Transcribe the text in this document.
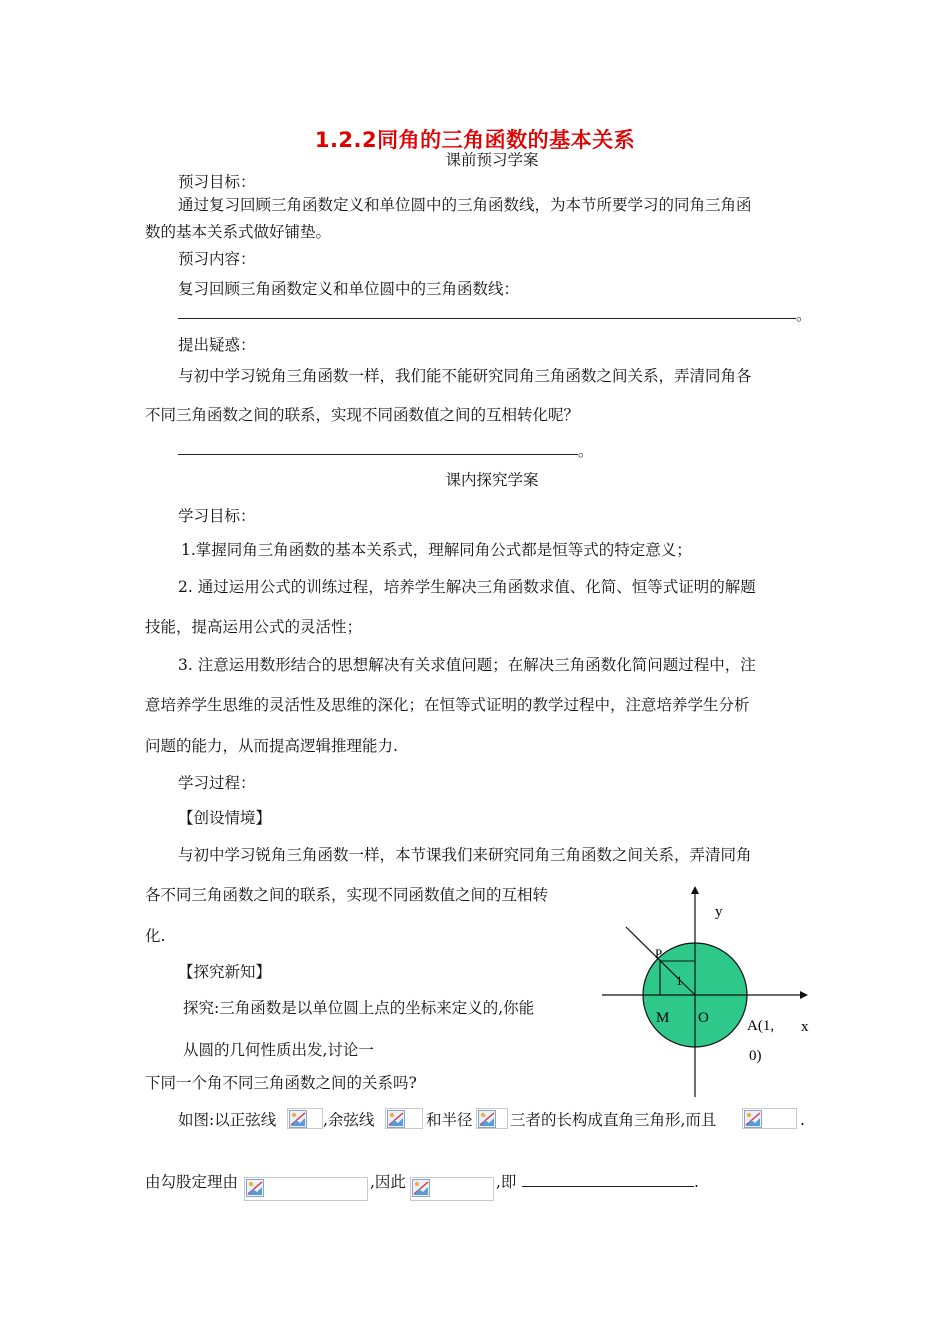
1.2.2同角的三角函数的基本关系
课前预习学案
预习目标：
通过复习回顾三角函数定义和单位圆中的三角函数线，为本节所要学习的同角三角函
数的基本关系式做好铺垫。
预习内容：
复习回顾三角函数定义和单位圆中的三角函数线：
。
提出疑惑：
与初中学习锐角三角函数一样，我们能不能研究同角三角函数之间关系，弄清同角各
不同三角函数之间的联系，实现不同函数值之间的互相转化呢？
。
课内探究学案
学习目标：
1.掌握同角三角函数的基本关系式，理解同角公式都是恒等式的特定意义；
2. 通过运用公式的训练过程，培养学生解决三角函数求值、化简、恒等式证明的解题
技能，提高运用公式的灵活性；
3. 注意运用数形结合的思想解决有关求值问题；在解决三角函数化简问题过程中，注
意培养学生思维的灵活性及思维的深化；在恒等式证明的教学过程中，注意培养学生分析
问题的能力，从而提高逻辑推理能力.
学习过程：
【创设情境】
与初中学习锐角三角函数一样，本节课我们来研究同角三角函数之间关系，弄清同角
各不同三角函数之间的联系，实现不同函数值之间的互相转
化.
【探究新知】
探究:三角函数是以单位圆上点的坐标来定义的,你能
从圆的几何性质出发,讨论一
下同一个角不同三角函数之间的关系吗?
如图:以正弦线	,余弦线	和半径 三者的长构成直角三角形,而且	.
由勾股定理由	,因此	,即	.
y
x
P
1
M O	A(1,
0)
